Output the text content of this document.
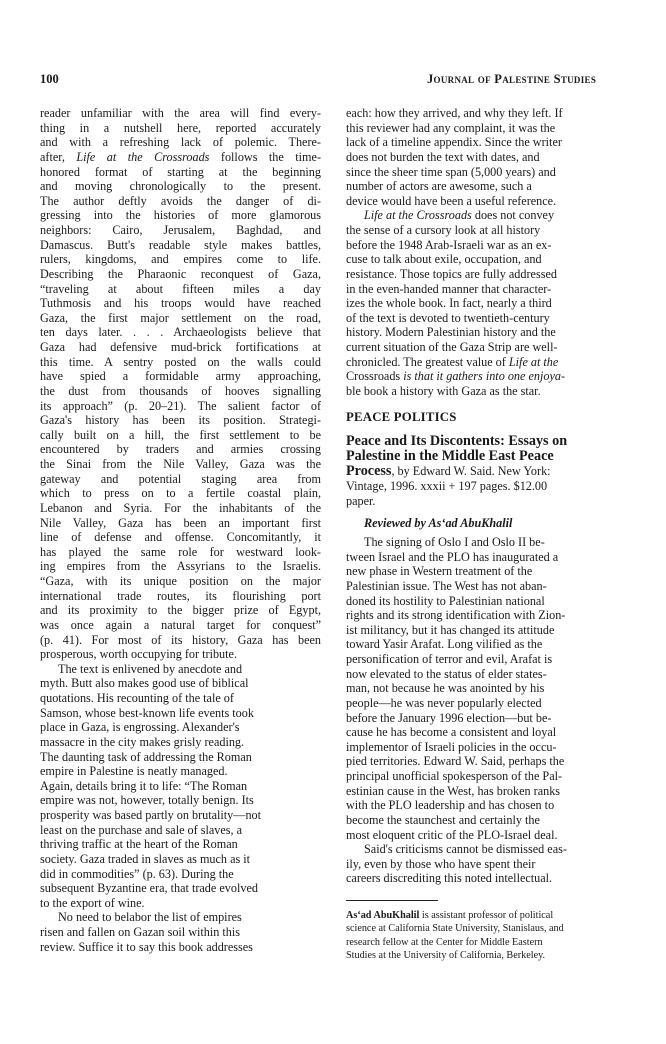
100	Journal of Palestine Studies
reader unfamiliar with the area will find every-
thing in a nutshell here, reported accurately
and with a refreshing lack of polemic. There-
after, Life at the Crossroads follows the time-
honored format of starting at the beginning
and moving chronologically to the present.
The author deftly avoids the danger of di-
gressing into the histories of more glamorous
neighbors: Cairo, Jerusalem, Baghdad, and
Damascus. Butt's readable style makes battles,
rulers, kingdoms, and empires come to life.
Describing the Pharaonic reconquest of Gaza,
“traveling at about fifteen miles a day
Tuthmosis and his troops would have reached
Gaza, the first major settlement on the road,
ten days later. . . . Archaeologists believe that
Gaza had defensive mud-brick fortifications at
this time. A sentry posted on the walls could
have spied a formidable army approaching,
the dust from thousands of hooves signalling
its approach” (p. 20–21). The salient factor of
Gaza's history has been its position. Strategi-
cally built on a hill, the first settlement to be
encountered by traders and armies crossing
the Sinai from the Nile Valley, Gaza was the
gateway and potential staging area from
which to press on to a fertile coastal plain,
Lebanon and Syria. For the inhabitants of the
Nile Valley, Gaza has been an important first
line of defense and offense. Concomitantly, it
has played the same role for westward look-
ing empires from the Assyrians to the Israelis.
“Gaza, with its unique position on the major
international trade routes, its flourishing port
and its proximity to the bigger prize of Egypt,
was once again a natural target for conquest”
(p. 41). For most of its history, Gaza has been
prosperous, worth occupying for tribute.
The text is enlivened by anecdote and
myth. Butt also makes good use of biblical
quotations. His recounting of the tale of
Samson, whose best-known life events took
place in Gaza, is engrossing. Alexander's
massacre in the city makes grisly reading.
The daunting task of addressing the Roman
empire in Palestine is neatly managed.
Again, details bring it to life: “The Roman
empire was not, however, totally benign. Its
prosperity was based partly on brutality—not
least on the purchase and sale of slaves, a
thriving traffic at the heart of the Roman
society. Gaza traded in slaves as much as it
did in commodities” (p. 63). During the
subsequent Byzantine era, that trade evolved
to the export of wine.
No need to belabor the list of empires
risen and fallen on Gazan soil within this
review. Suffice it to say this book addresses
each: how they arrived, and why they left. If
this reviewer had any complaint, it was the
lack of a timeline appendix. Since the writer
does not burden the text with dates, and
since the sheer time span (5,000 years) and
number of actors are awesome, such a
device would have been a useful reference.
Life at the Crossroads does not convey
the sense of a cursory look at all history
before the 1948 Arab-Israeli war as an ex-
cuse to talk about exile, occupation, and
resistance. Those topics are fully addressed
in the even-handed manner that character-
izes the whole book. In fact, nearly a third
of the text is devoted to twentieth-century
history. Modern Palestinian history and the
current situation of the Gaza Strip are well-
chronicled. The greatest value of Life at the
Crossroads is that it gathers into one enjoya-
ble book a history with Gaza as the star.
PEACE POLITICS
Peace and Its Discontents: Essays on
Palestine in the Middle East Peace
Process, by Edward W. Said. New York:
Vintage, 1996. xxxii + 197 pages. $12.00
paper.
Reviewed by As‘ad AbuKhalil
The signing of Oslo I and Oslo II be-
tween Israel and the PLO has inaugurated a
new phase in Western treatment of the
Palestinian issue. The West has not aban-
doned its hostility to Palestinian national
rights and its strong identification with Zion-
ist militancy, but it has changed its attitude
toward Yasir Arafat. Long vilified as the
personification of terror and evil, Arafat is
now elevated to the status of elder states-
man, not because he was anointed by his
people—he was never popularly elected
before the January 1996 election—but be-
cause he has become a consistent and loyal
implementor of Israeli policies in the occu-
pied territories. Edward W. Said, perhaps the
principal unofficial spokesperson of the Pal-
estinian cause in the West, has broken ranks
with the PLO leadership and has chosen to
become the staunchest and certainly the
most eloquent critic of the PLO-Israel deal.
Said's criticisms cannot be dismissed eas-
ily, even by those who have spent their
careers discrediting this noted intellectual.
As‘ad AbuKhalil is assistant professor of political
science at California State University, Stanislaus, and
research fellow at the Center for Middle Eastern
Studies at the University of California, Berkeley.
